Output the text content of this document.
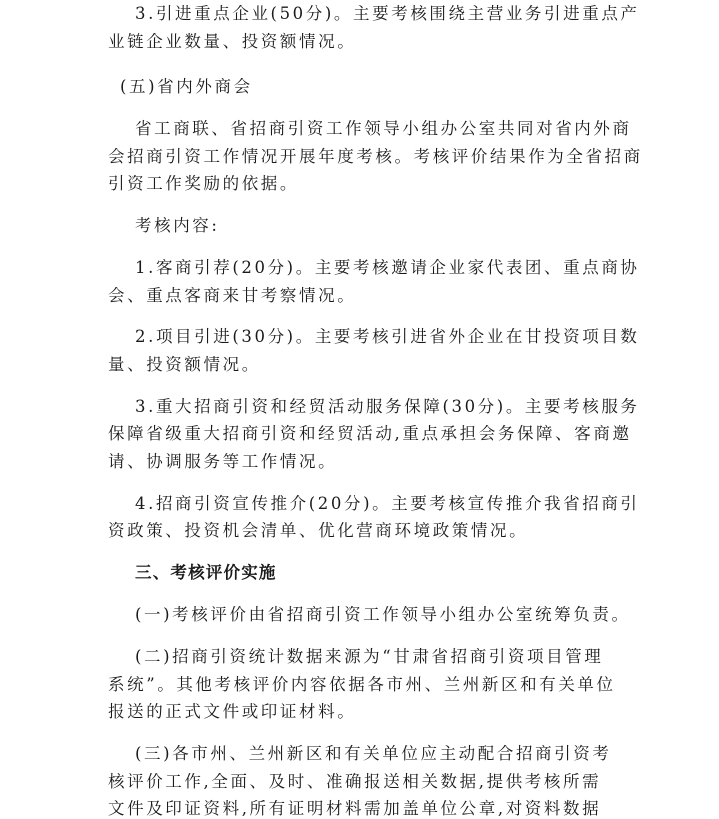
3.引进重点企业(50分)。主要考核围绕主营业务引进重点产
业链企业数量、投资额情况。
(五)省内外商会
省工商联、省招商引资工作领导小组办公室共同对省内外商
会招商引资工作情况开展年度考核。考核评价结果作为全省招商
引资工作奖励的依据。
考核内容:
1.客商引荐(20分)。主要考核邀请企业家代表团、重点商协
会、重点客商来甘考察情况。
2.项目引进(30分)。主要考核引进省外企业在甘投资项目数
量、投资额情况。
3.重大招商引资和经贸活动服务保障(30分)。主要考核服务
保障省级重大招商引资和经贸活动,重点承担会务保障、客商邀
请、协调服务等工作情况。
4.招商引资宣传推介(20分)。主要考核宣传推介我省招商引
资政策、投资机会清单、优化营商环境政策情况。
三、考核评价实施
(一)考核评价由省招商引资工作领导小组办公室统筹负责。
(二)招商引资统计数据来源为“甘肃省招商引资项目管理
系统”。其他考核评价内容依据各市州、兰州新区和有关单位
报送的正式文件或印证材料。
(三)各市州、兰州新区和有关单位应主动配合招商引资考
核评价工作,全面、及时、准确报送相关数据,提供考核所需
文件及印证资料,所有证明材料需加盖单位公章,对资料数据
